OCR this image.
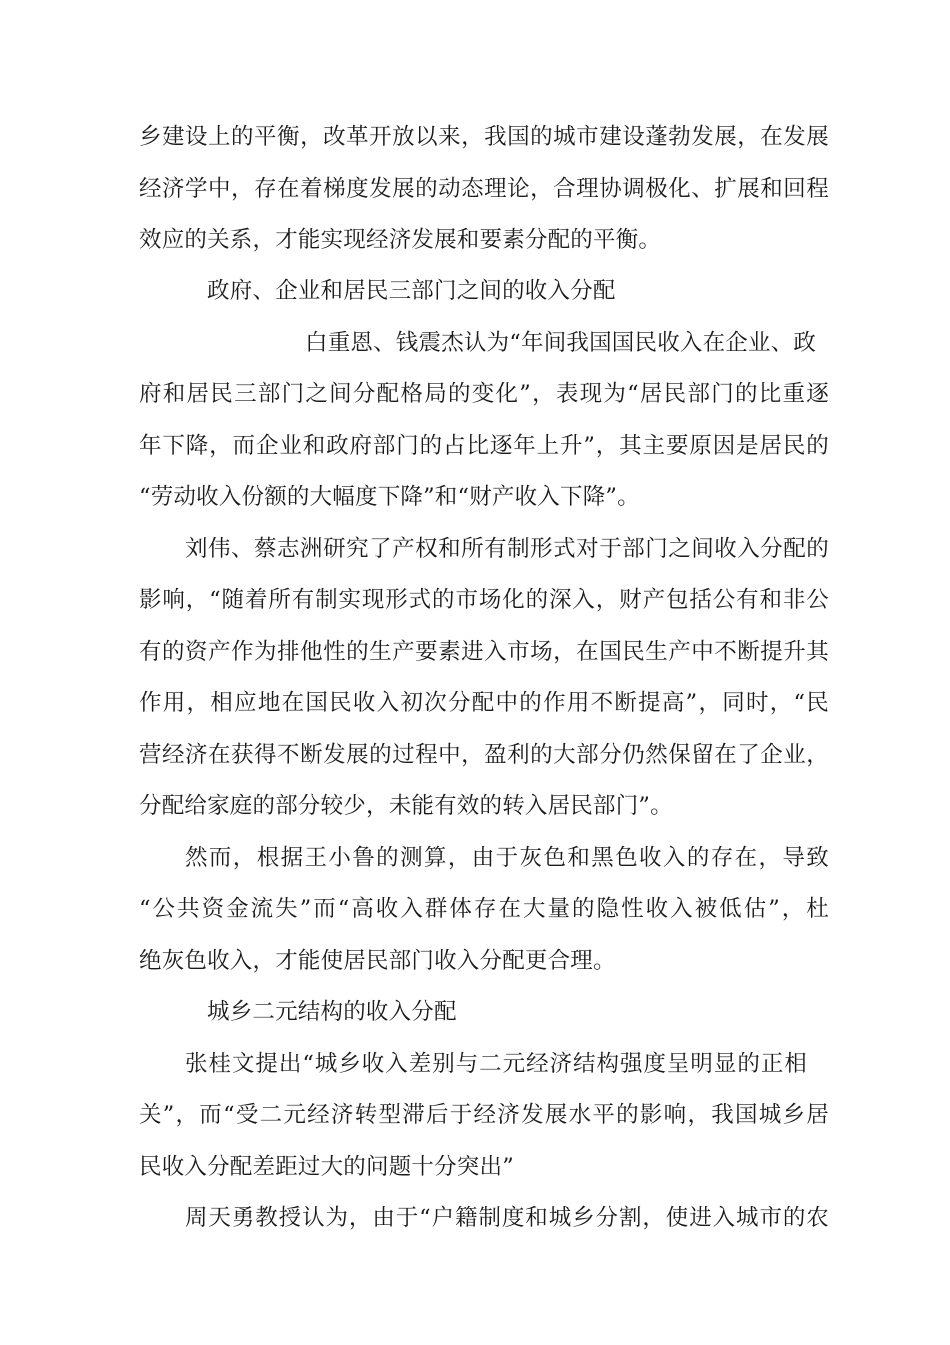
乡建设上的平衡，改革开放以来，我国的城市建设蓬勃发展，在发展
经济学中，存在着梯度发展的动态理论，合理协调极化、扩展和回程
效应的关系，才能实现经济发展和要素分配的平衡。
政府、企业和居民三部门之间的收入分配
白重恩、钱震杰认为“年间我国国民收入在企业、政
府和居民三部门之间分配格局的变化”，表现为“居民部门的比重逐
年下降，而企业和政府部门的占比逐年上升”，其主要原因是居民的
“劳动收入份额的大幅度下降”和“财产收入下降”。
刘伟、蔡志洲研究了产权和所有制形式对于部门之间收入分配的
影响，“随着所有制实现形式的市场化的深入，财产包括公有和非公
有的资产作为排他性的生产要素进入市场，在国民生产中不断提升其
作用，相应地在国民收入初次分配中的作用不断提高”，同时，“民
营经济在获得不断发展的过程中，盈利的大部分仍然保留在了企业，
分配给家庭的部分较少，未能有效的转入居民部门”。
然而，根据王小鲁的测算，由于灰色和黑色收入的存在，导致
“公共资金流失”而“高收入群体存在大量的隐性收入被低估”，杜
绝灰色收入，才能使居民部门收入分配更合理。
城乡二元结构的收入分配
张桂文提出“城乡收入差别与二元经济结构强度呈明显的正相
关”，而“受二元经济转型滞后于经济发展水平的影响，我国城乡居
民收入分配差距过大的问题十分突出”
周天勇教授认为，由于“户籍制度和城乡分割，使进入城市的农
